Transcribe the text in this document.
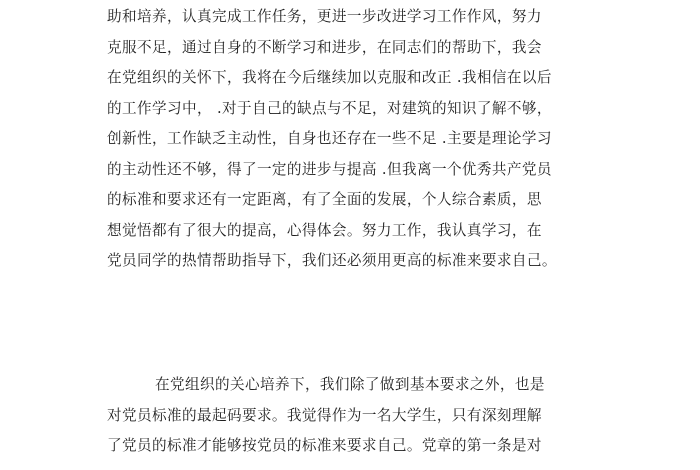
助和培养，认真完成工作任务，更进一步改进学习工作作风，努力
克服不足，通过自身的不断学习和进步，在同志们的帮助下，我会
在党组织的关怀下，我将在今后继续加以克服和改正 .我相信在以后
的工作学习中， .对于自己的缺点与不足，对建筑的知识了解不够，
创新性，工作缺乏主动性，自身也还存在一些不足 .主要是理论学习
的主动性还不够，得了一定的进步与提高 .但我离一个优秀共产党员
的标准和要求还有一定距离，有了全面的发展，个人综合素质，思
想觉悟都有了很大的提高，心得体会。努力工作，我认真学习，在
党员同学的热情帮助指导下，我们还必须用更高的标准来要求自己。
在党组织的关心培养下，我们除了做到基本要求之外，也是
对党员标准的最起码要求。我觉得作为一名大学生，只有深刻理解
了党员的标准才能够按党员的标准来要求自己。党章的第一条是对
